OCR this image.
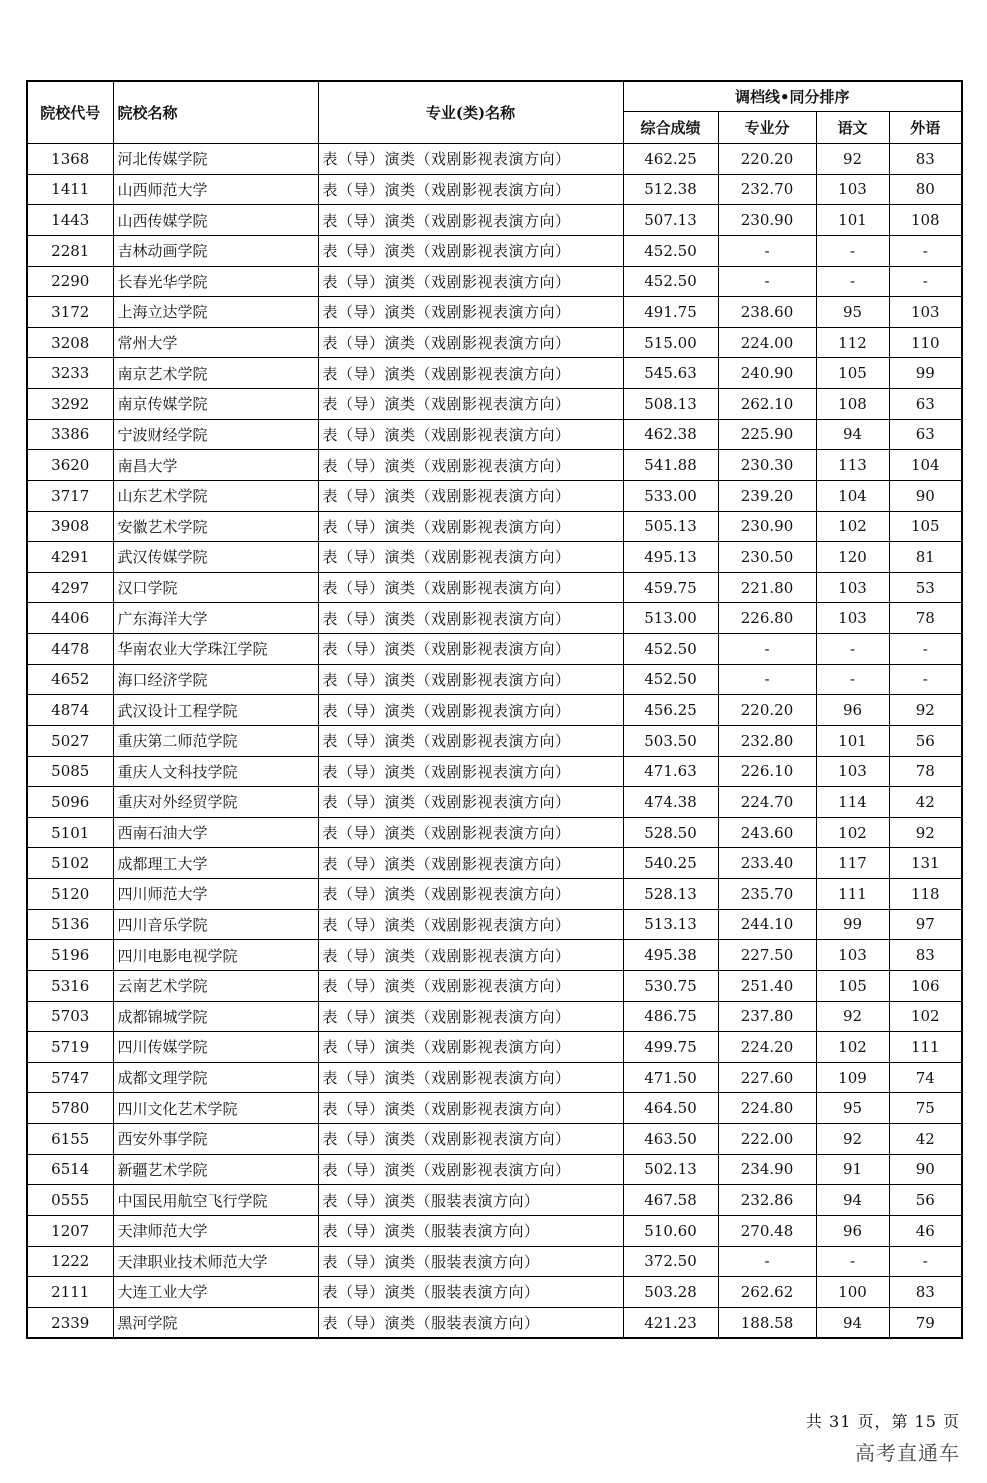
院校代号	院校名称	专业(类)名称	调档线•同分排序			
			综合成绩	专业分	语文	外语
1368	河北传媒学院	表（导）演类（戏剧影视表演方向）	462.25	220.20	92	83
1411	山西师范大学	表（导）演类（戏剧影视表演方向）	512.38	232.70	103	80
1443	山西传媒学院	表（导）演类（戏剧影视表演方向）	507.13	230.90	101	108
2281	吉林动画学院	表（导）演类（戏剧影视表演方向）	452.50	-	-	-
2290	长春光华学院	表（导）演类（戏剧影视表演方向）	452.50	-	-	-
3172	上海立达学院	表（导）演类（戏剧影视表演方向）	491.75	238.60	95	103
3208	常州大学	表（导）演类（戏剧影视表演方向）	515.00	224.00	112	110
3233	南京艺术学院	表（导）演类（戏剧影视表演方向）	545.63	240.90	105	99
3292	南京传媒学院	表（导）演类（戏剧影视表演方向）	508.13	262.10	108	63
3386	宁波财经学院	表（导）演类（戏剧影视表演方向）	462.38	225.90	94	63
3620	南昌大学	表（导）演类（戏剧影视表演方向）	541.88	230.30	113	104
3717	山东艺术学院	表（导）演类（戏剧影视表演方向）	533.00	239.20	104	90
3908	安徽艺术学院	表（导）演类（戏剧影视表演方向）	505.13	230.90	102	105
4291	武汉传媒学院	表（导）演类（戏剧影视表演方向）	495.13	230.50	120	81
4297	汉口学院	表（导）演类（戏剧影视表演方向）	459.75	221.80	103	53
4406	广东海洋大学	表（导）演类（戏剧影视表演方向）	513.00	226.80	103	78
4478	华南农业大学珠江学院	表（导）演类（戏剧影视表演方向）	452.50	-	-	-
4652	海口经济学院	表（导）演类（戏剧影视表演方向）	452.50	-	-	-
4874	武汉设计工程学院	表（导）演类（戏剧影视表演方向）	456.25	220.20	96	92
5027	重庆第二师范学院	表（导）演类（戏剧影视表演方向）	503.50	232.80	101	56
5085	重庆人文科技学院	表（导）演类（戏剧影视表演方向）	471.63	226.10	103	78
5096	重庆对外经贸学院	表（导）演类（戏剧影视表演方向）	474.38	224.70	114	42
5101	西南石油大学	表（导）演类（戏剧影视表演方向）	528.50	243.60	102	92
5102	成都理工大学	表（导）演类（戏剧影视表演方向）	540.25	233.40	117	131
5120	四川师范大学	表（导）演类（戏剧影视表演方向）	528.13	235.70	111	118
5136	四川音乐学院	表（导）演类（戏剧影视表演方向）	513.13	244.10	99	97
5196	四川电影电视学院	表（导）演类（戏剧影视表演方向）	495.38	227.50	103	83
5316	云南艺术学院	表（导）演类（戏剧影视表演方向）	530.75	251.40	105	106
5703	成都锦城学院	表（导）演类（戏剧影视表演方向）	486.75	237.80	92	102
5719	四川传媒学院	表（导）演类（戏剧影视表演方向）	499.75	224.20	102	111
5747	成都文理学院	表（导）演类（戏剧影视表演方向）	471.50	227.60	109	74
5780	四川文化艺术学院	表（导）演类（戏剧影视表演方向）	464.50	224.80	95	75
6155	西安外事学院	表（导）演类（戏剧影视表演方向）	463.50	222.00	92	42
6514	新疆艺术学院	表（导）演类（戏剧影视表演方向）	502.13	234.90	91	90
0555	中国民用航空飞行学院	表（导）演类（服装表演方向）	467.58	232.86	94	56
1207	天津师范大学	表（导）演类（服装表演方向）	510.60	270.48	96	46
1222	天津职业技术师范大学	表（导）演类（服装表演方向）	372.50	-	-	-
2111	大连工业大学	表（导）演类（服装表演方向）	503.28	262.62	100	83
2339	黑河学院	表（导）演类（服装表演方向）	421.23	188.58	94	79
共 31 页，第 15 页
高考直通车
